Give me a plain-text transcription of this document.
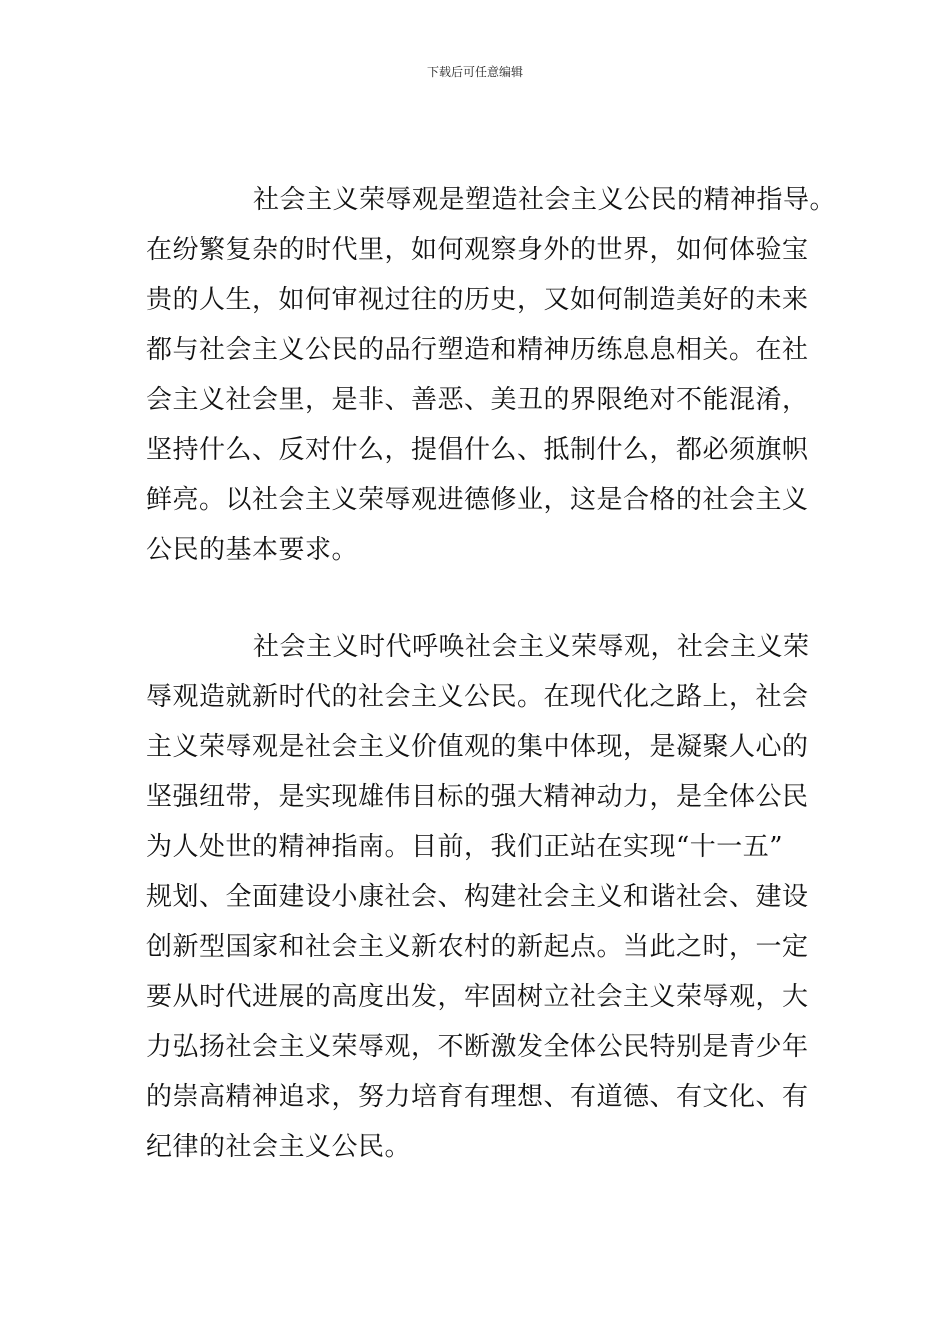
下载后可任意编辑
社会主义荣辱观是塑造社会主义公民的精神指导。
在纷繁复杂的时代里，如何观察身外的世界，如何体验宝
贵的人生，如何审视过往的历史，又如何制造美好的未来
都与社会主义公民的品行塑造和精神历练息息相关。在社
会主义社会里，是非、善恶、美丑的界限绝对不能混淆，
坚持什么、反对什么，提倡什么、抵制什么，都必须旗帜
鲜亮。以社会主义荣辱观进德修业，这是合格的社会主义
公民的基本要求。
社会主义时代呼唤社会主义荣辱观，社会主义荣
辱观造就新时代的社会主义公民。在现代化之路上，社会
主义荣辱观是社会主义价值观的集中体现，是凝聚人心的
坚强纽带，是实现雄伟目标的强大精神动力，是全体公民
为人处世的精神指南。目前，我们正站在实现“十一五”
规划、全面建设小康社会、构建社会主义和谐社会、建设
创新型国家和社会主义新农村的新起点。当此之时，一定
要从时代进展的高度出发，牢固树立社会主义荣辱观，大
力弘扬社会主义荣辱观，不断激发全体公民特别是青少年
的崇高精神追求，努力培育有理想、有道德、有文化、有
纪律的社会主义公民。
